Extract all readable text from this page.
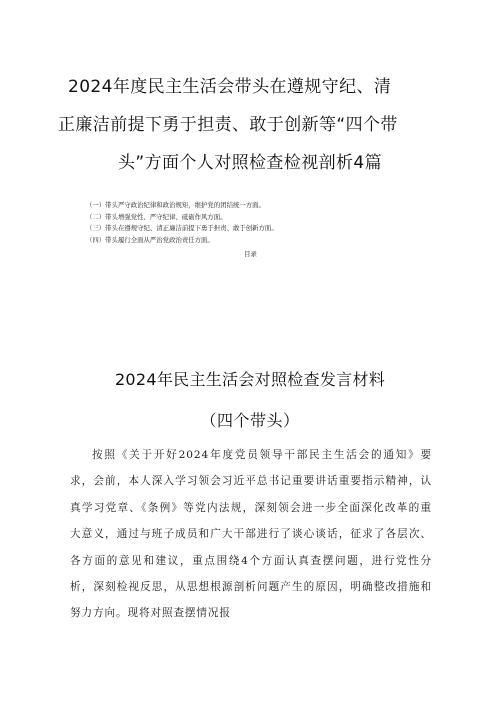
2024年度民主生活会带头在遵规守纪、清
正廉洁前提下勇于担责、敢于创新等“四个带
头”方面个人对照检查检视剖析4篇
（一）带头严守政治纪律和政治规矩，维护党的团结统一方面。
（二）带头增强党性、严守纪律、砥砺作风方面。
（三）带头在遵规守纪、清正廉洁前提下勇于担责、敢于创新方面。
（四）带头履行全面从严治党政治责任方面。
目录
2024年民主生活会对照检查发言材料
（四个带头）

按照《关于开好2024年度党员领导干部民主生活会的通知》要求，会前，本人深入学习领会习近平总书记重要讲话重要指示精神，认真学习党章、《条例》等党内法规，深刻领会进一步全面深化改革的重大意义，通过与班子成员和广大干部进行了谈心谈话，征求了各层次、各方面的意见和建议，重点围绕4个方面认真查摆问题，进行党性分析，深刻检视反思，从思想根源剖析问题产生的原因，明确整改措施和努力方向。现将对照查摆情况报
